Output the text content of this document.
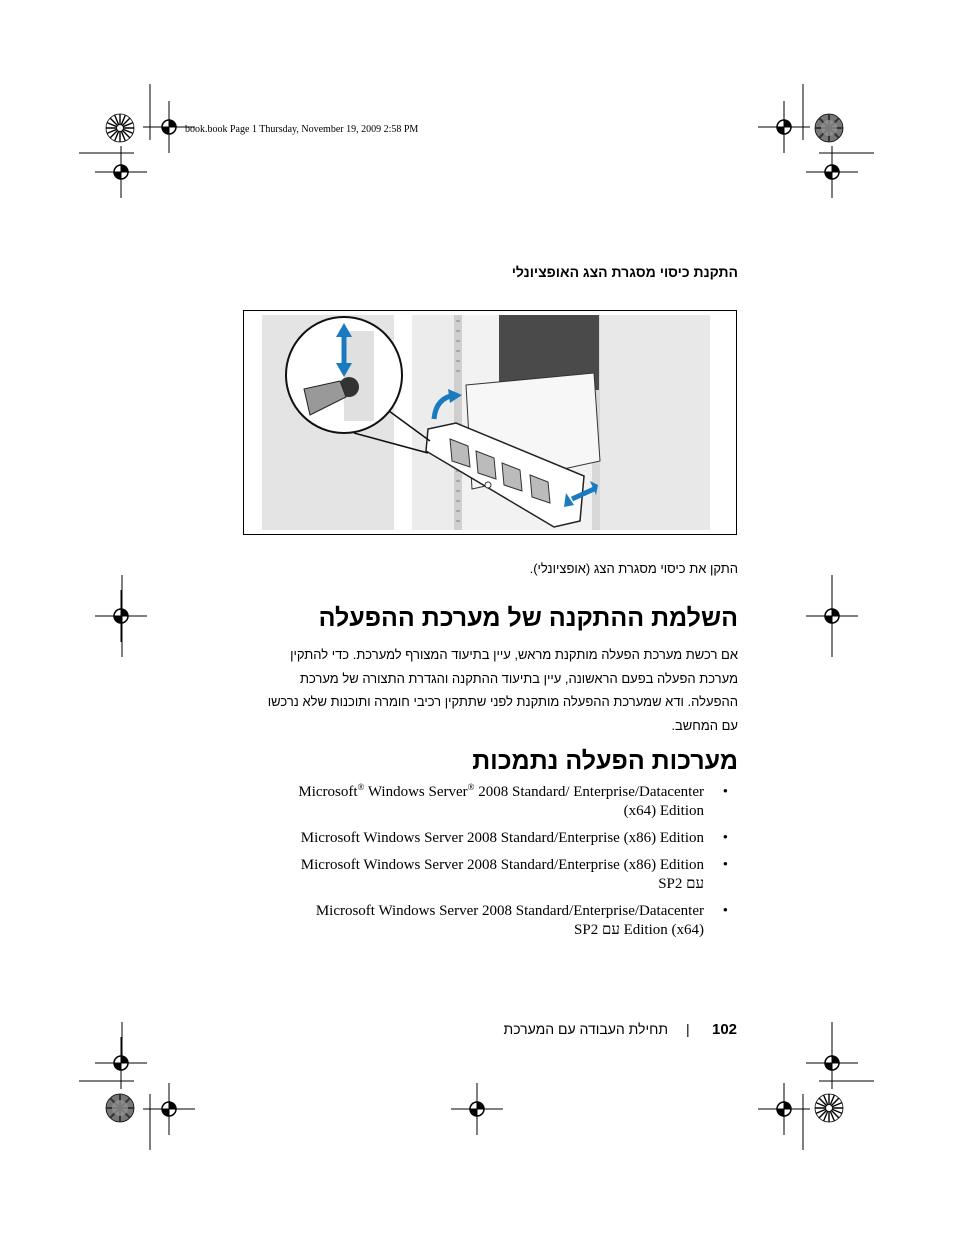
book.book Page 1 Thursday, November 19, 2009 2:58 PM
התקנת כיסוי מסגרת הצג האופציונלי
התקן את כיסוי מסגרת הצג (אופציונלי).
השלמת ההתקנה של מערכת ההפעלה
אם רכשת מערכת הפעלה מותקנת מראש, עיין בתיעוד המצורף למערכת. כדי להתקין
מערכת הפעלה בפעם הראשונה, עיין בתיעוד ההתקנה והגדרת התצורה של מערכת
ההפעלה. ודא שמערכת ההפעלה מותקנת לפני שתתקין רכיבי חומרה ותוכנות שלא נרכשו
עם המחשב.
מערכות הפעלה נתמכות
•
Microsoft® Windows Server® 2008 Standard/ Enterprise/Datacenter
(x64) Edition
•
Microsoft Windows Server 2008 Standard/Enterprise (x86) Edition
•
Microsoft Windows Server 2008 Standard/Enterprise (x86) Edition
עם SP2
•
Microsoft Windows Server 2008 Standard/Enterprise/Datacenter
(x64) Edition עם SP2
102
|
תחילת העבודה עם המערכת
